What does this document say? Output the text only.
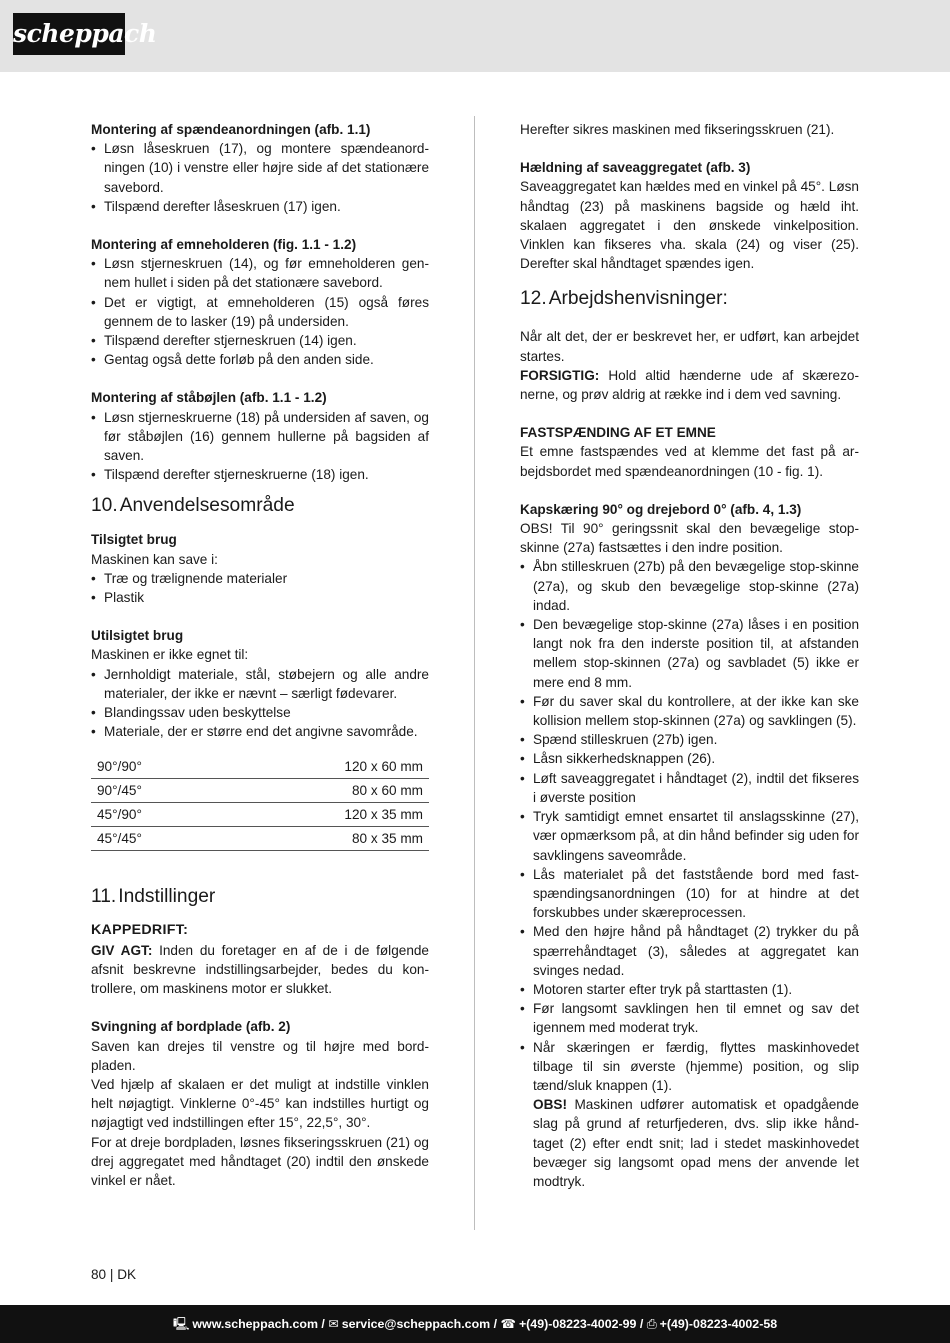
scheppach

Montering af spændeanordningen (afb. 1.1)

• Løsn låseskruen (17), og montere spændeanordningen (10) i venstre eller højre side af det stationære savebord.
• Tilspænd derefter låseskruen (17) igen.

Montering af emneholderen (fig. 1.1 - 1.2)

• Løsn stjerneskruen (14), og før emneholderen gennem hullet i siden på det stationære savebord.
• Det er vigtigt, at emneholderen (15) også føres gennem de to lasker (19) på undersiden.
• Tilspænd derefter stjerneskruen (14) igen.
• Gentag også dette forløb på den anden side.

Montering af ståbøjlen (afb. 1.1 - 1.2)

• Løsn stjerneskruerne (18) på undersiden af saven, og før ståbøjlen (16) gennem hullerne på bagsiden af saven.
• Tilspænd derefter stjerneskruerne (18) igen.
10. Anvendelsesområde

Tilsigtet brug

Maskinen kan save i:

• Træ og trælignende materialer
• Plastik

Utilsigtet brug

Maskinen er ikke egnet til:

• Jernholdigt materiale, stål, støbejern og alle andre materialer, der ikke er nævnt – særligt fødevarer.
• Blandingssav uden beskyttelse
• Materiale, der er større end det angivne savområde.
90°/90°	120 x 60 mm
90°/45°	80 x 60 mm
45°/90°	120 x 35 mm
45°/45°	80 x 35 mm
11. Indstillinger

KAPPEDRIFT:

GIV AGT: Inden du foretager en af de i de følgende afsnit beskrevne indstillingsarbejder, bedes du kontrollere, om maskinens motor er slukket.

Svingning af bordplade (afb. 2)

Saven kan drejes til venstre og til højre med bordpladen.

Ved hjælp af skalaen er det muligt at indstille vinklen helt nøjagtigt. Vinklerne 0°-45° kan indstilles hurtigt og nøjagtigt ved indstillingen efter 15°, 22,5°, 30°.

For at dreje bordpladen, løsnes fikseringsskruen (21) og drej aggregatet med håndtaget (20) indtil den ønskede vinkel er nået.

Herefter sikres maskinen med fikseringsskruen (21).

Hældning af saveaggregatet (afb. 3)

Saveaggregatet kan hældes med en vinkel på 45°. Løsn håndtag (23) på maskinens bagside og hæld iht. skalaen aggregatet i den ønskede vinkelposition. Vinklen kan fikseres vha. skala (24) og viser (25). Derefter skal håndtaget spændes igen.

12. Arbejdshenvisninger:

Når alt det, der er beskrevet her, er udført, kan arbejdet startes.

FORSIGTIG: Hold altid hænderne ude af skærezonerne, og prøv aldrig at række ind i dem ved savning.

FASTSPÆNDING AF ET EMNE

Et emne fastspændes ved at klemme det fast på arbejdsbordet med spændeanordningen (10 - fig. 1).

Kapskæring 90° og drejebord 0° (afb. 4, 1.3)

OBS! Til 90° geringssnit skal den bevægelige stopskinne (27a) fastsættes i den indre position.

• Åbn stilleskruen (27b) på den bevægelige stop-skinne (27a), og skub den bevægelige stop-skinne (27a) indad.
• Den bevægelige stop-skinne (27a) låses i en position langt nok fra den inderste position til, at afstanden mellem stop-skinnen (27a) og savbladet (5) ikke er mere end 8 mm.
• Før du saver skal du kontrollere, at der ikke kan ske kollision mellem stop-skinnen (27a) og savklingen (5).
• Spænd stilleskruen (27b) igen.
• Låsn sikkerhedsknappen (26).
• Løft saveaggregatet i håndtaget (2), indtil det fikseres i øverste position
• Tryk samtidigt emnet ensartet til anslagsskinne (27), vær opmærksom på, at din hånd befinder sig uden for savklingens saveområde.
• Lås materialet på det faststående bord med fastspændingsanordningen (10) for at hindre at det forskubbes under skæreprocessen.
• Med den højre hånd på håndtaget (2) trykker du på spærrehåndtaget (3), således at aggregatet kan svinges nedad.
• Motoren starter efter tryk på starttasten (1).
• Før langsomt savklingen hen til emnet og sav det igennem med moderat tryk.
• Når skæringen er færdig, flyttes maskinhovedet tilbage til sin øverste (hjemme) position, og slip tænd/sluk knappen (1).

OBS! Maskinen udfører automatisk et opadgående slag på grund af returfjederen, dvs. slip ikke håndtaget (2) efter endt snit; lad i stedet maskinhovedet bevæger sig langsomt opad mens der anvende let modtryk.

80 | DK
🖳︎ www.scheppach.com / ✉︎ service@scheppach.com / ☎︎ +(49)-08223-4002-99 / ⎙ +(49)-08223-4002-58
